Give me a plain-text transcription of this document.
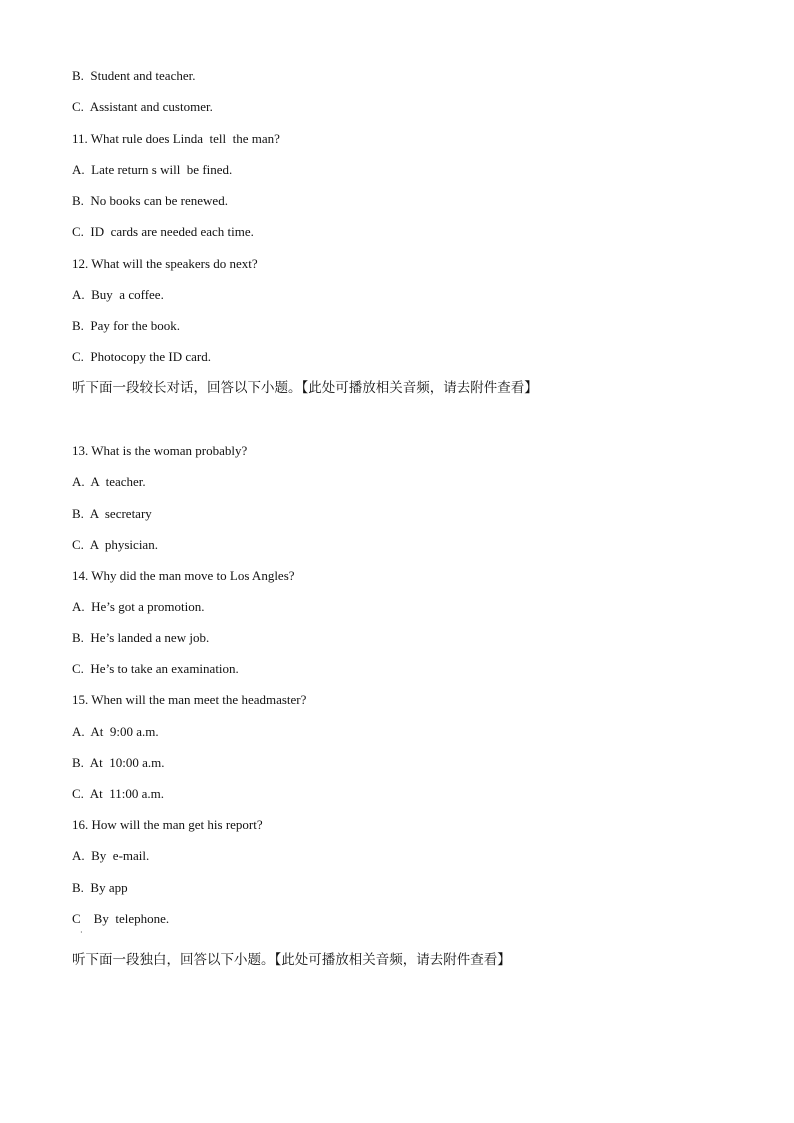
B.  Student and teacher.
C.  Assistant and customer.
11. What rule does Linda  tell  the man?
A.  Late return s will  be fined.
B.  No books can be renewed.
C.  ID  cards are needed each time.
12. What will the speakers do next?
A.  Buy  a coffee.
B.  Pay for the book.
C.  Photocopy the ID card.
听下面一段较长对话，回答以下小题。【此处可播放相关音频，请去附件查看】
13. What is the woman probably?
A.  A  teacher.
B.  A  secretary
C.  A  physician.
14. Why did the man move to Los Angles?
A.  He’s got a promotion.
B.  He’s landed a new job.
C.  He’s to take an examination.
15. When will the man meet the headmaster?
A.  At  9:00 a.m.
B.  At  10:00 a.m.
C.  At  11:00 a.m.
16. How will the man get his report?
A.  By  e-mail.
B.  By app
C    By  telephone.
·
听下面一段独白，回答以下小题。【此处可播放相关音频，请去附件查看】
